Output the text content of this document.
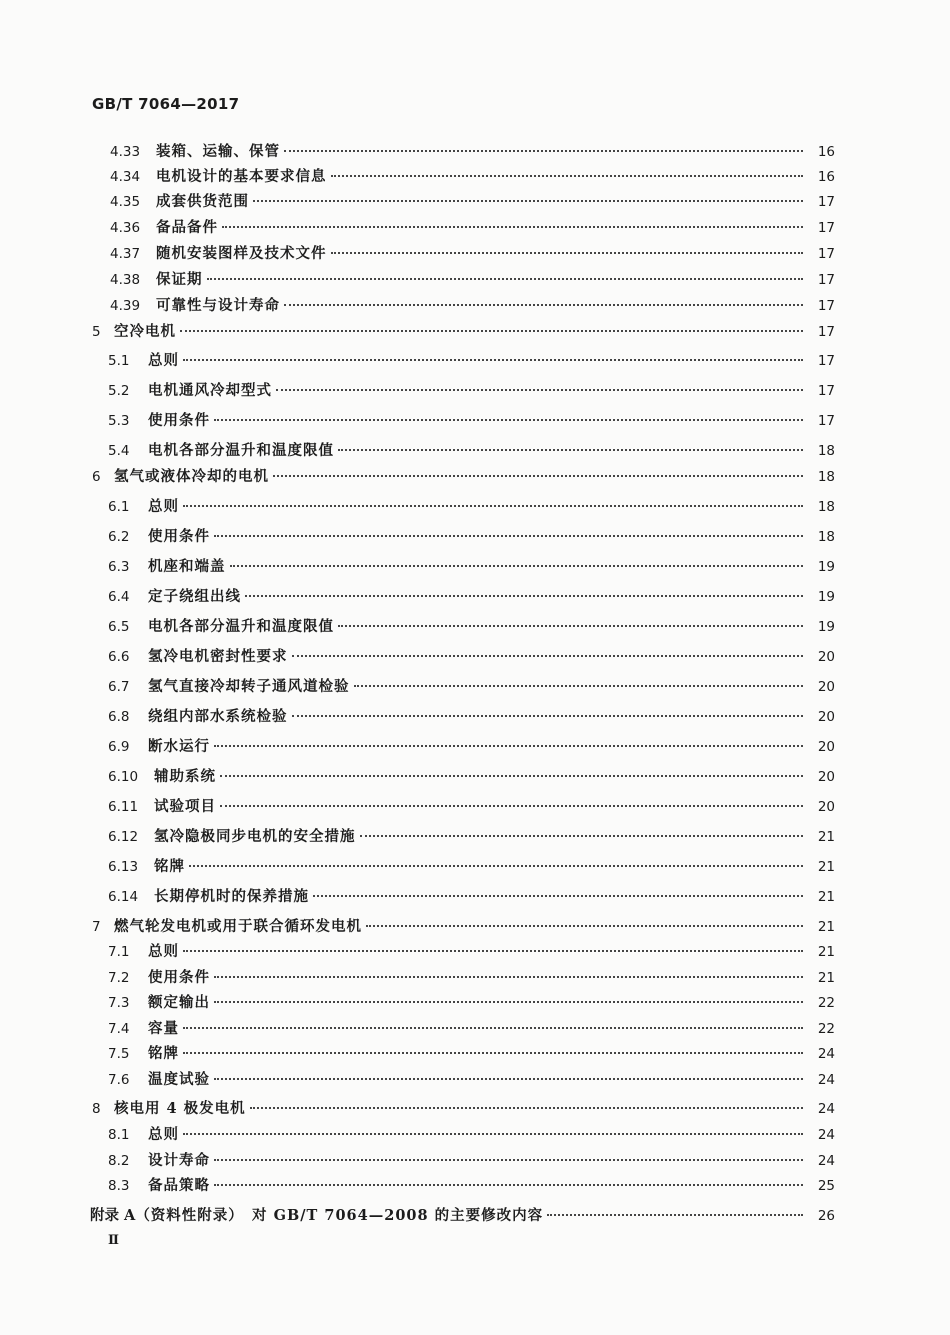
GB/T 7064—2017
4.33	装箱、运输、保管	16
4.34	电机设计的基本要求信息	16
4.35	成套供货范围	17
4.36	备品备件	17
4.37	随机安装图样及技术文件	17
4.38	保证期	17
4.39	可靠性与设计寿命	17
5 空冷电机	17
5.1	总则	17
5.2	电机通风冷却型式	17
5.3	使用条件	17
5.4	电机各部分温升和温度限值	18
6 氢气或液体冷却的电机	18
6.1	总则	18
6.2	使用条件	18
6.3	机座和端盖	19
6.4	定子绕组出线	19
6.5	电机各部分温升和温度限值	19
6.6	氢冷电机密封性要求	20
6.7	氢气直接冷却转子通风道检验	20
6.8	绕组内部水系统检验	20
6.9	断水运行	20
6.10	辅助系统	20
6.11	试验项目	20
6.12	氢冷隐极同步电机的安全措施	21
6.13	铭牌	21
6.14	长期停机时的保养措施	21
7 燃气轮发电机或用于联合循环发电机	21
7.1	总则	21
7.2	使用条件	21
7.3	额定输出	22
7.4	容量	22
7.5	铭牌	24
7.6	温度试验	24
8 核电用 4 极发电机	24
8.1	总则	24
8.2	设计寿命	24
8.3	备品策略	25
附录 A （资料性附录）　对 GB/T 7064—2008 的主要修改内容	26
Ⅱ
